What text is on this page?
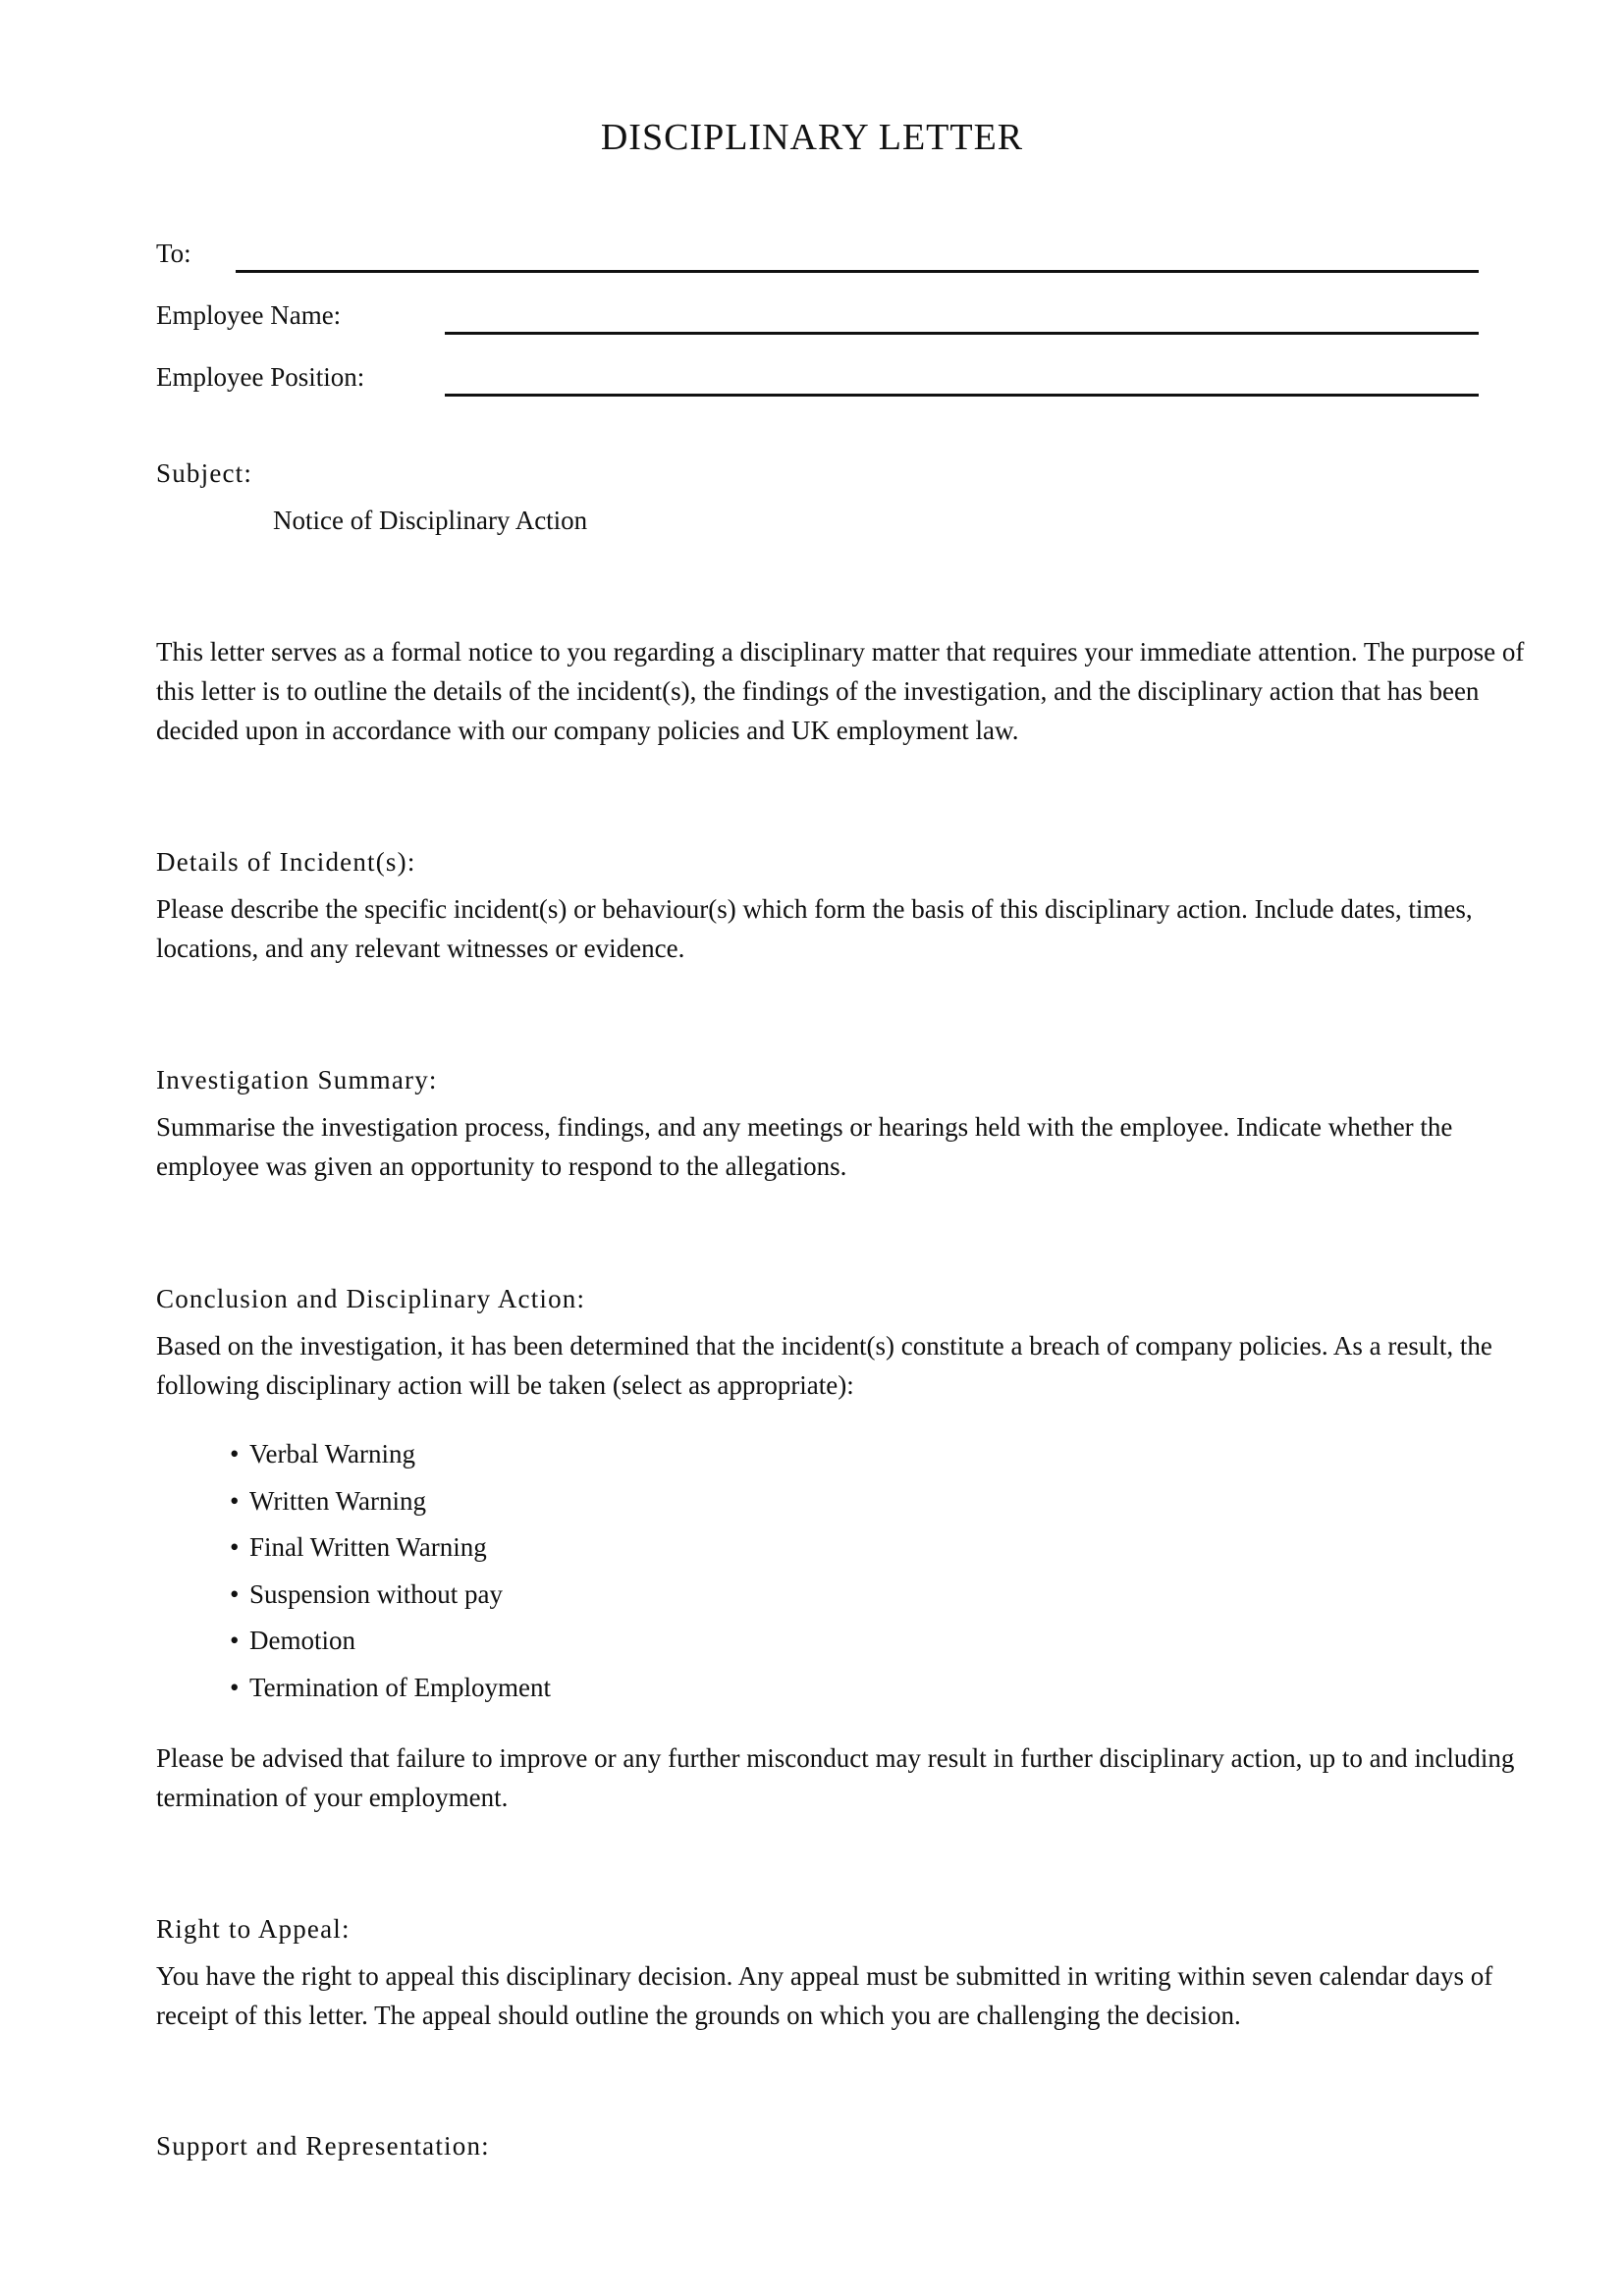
DISCIPLINARY LETTER
To:
Employee Name:
Employee Position:
Subject:
Notice of Disciplinary Action
This letter serves as a formal notice to you regarding a disciplinary matter that requires your immediate attention. The purpose of this letter is to outline the details of the incident(s), the findings of the investigation, and the disciplinary action that has been decided upon in accordance with our company policies and UK employment law.
Details of Incident(s):
Please describe the specific incident(s) or behaviour(s) which form the basis of this disciplinary action. Include dates, times, locations, and any relevant witnesses or evidence.
Investigation Summary:
Summarise the investigation process, findings, and any meetings or hearings held with the employee. Indicate whether the employee was given an opportunity to respond to the allegations.
Conclusion and Disciplinary Action:
Based on the investigation, it has been determined that the incident(s) constitute a breach of company policies. As a result, the following disciplinary action will be taken (select as appropriate):
• Verbal Warning
• Written Warning
• Final Written Warning
• Suspension without pay
• Demotion
• Termination of Employment
Please be advised that failure to improve or any further misconduct may result in further disciplinary action, up to and including termination of your employment.
Right to Appeal:
You have the right to appeal this disciplinary decision. Any appeal must be submitted in writing within seven calendar days of receipt of this letter. The appeal should outline the grounds on which you are challenging the decision.
Support and Representation:
